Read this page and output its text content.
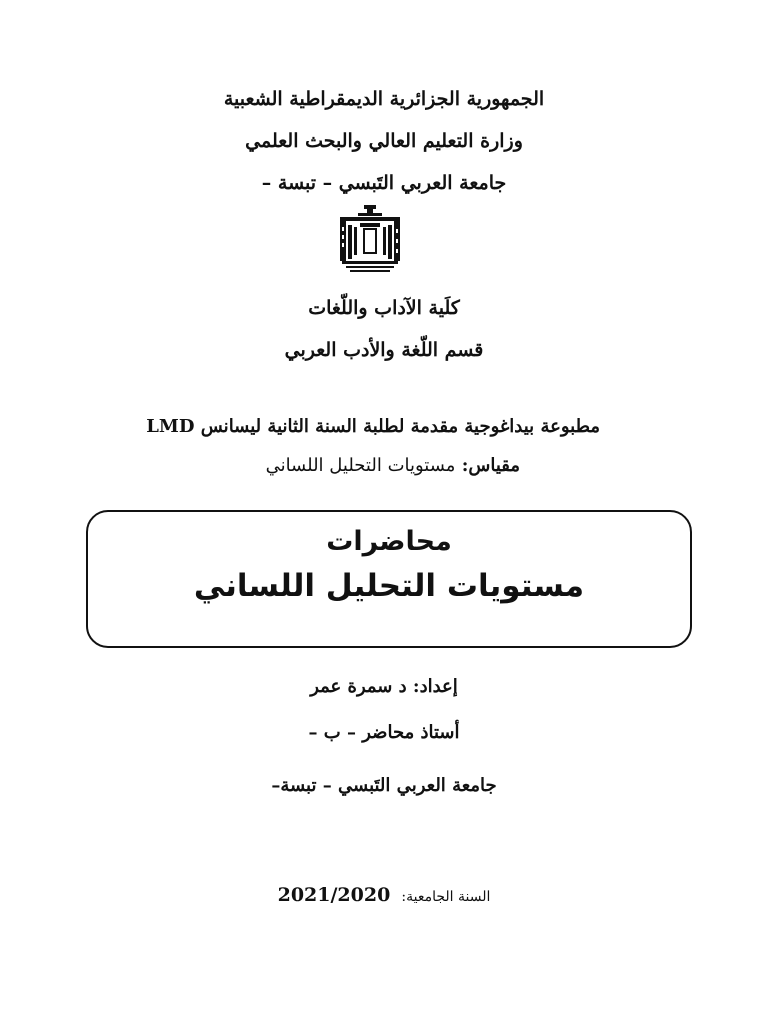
الجمهورية الجزائرية الديمقراطية الشعبية
وزارة التعليم العالي والبحث العلمي
جامعة العربي التَبسي – تبسة –
كلَية الآداب واللّغات
قسم اللّغة والأدب العربي
مطبوعة بيداغوجية مقدمة لطلبة السنة الثانية ليسانس LMD
مقياس: مستويات التحليل اللساني
محاضرات
مستويات التحليل اللساني
إعداد: د سمرة عمر
أستاذ محاضر – ب –
جامعة العربي التَبسي – تبسة–
2021/2020 السنة الجامعية:
